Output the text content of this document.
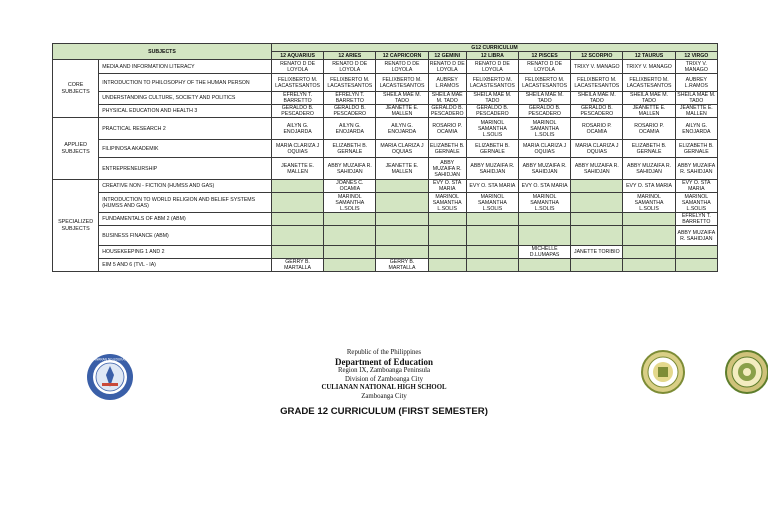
SUBJECTS		G12 CURRICULUM								
		12 AQUARIUS	12 ARIES	12 CAPRICORN	12 GEMINI	12 LIBRA	12 PISCES	12 SCORPIO	12 TAURUS	12 VIRGO
CORE SUBJECTS	MEDIA AND INFORMATION LITERACY	RENATO D DE LOYOLA	RENATO D DE LOYOLA	RENATO D DE LOYOLA	RENATO D DE LOYOLA	RENATO D DE LOYOLA	RENATO D DE LOYOLA	TRIXY V. MANAGO	TRIXY V. MANAGO	TRIXY V. MANAGO
	INTRODUCTION TO PHILOSOPHY OF THE HUMAN PERSON	FELIXBERTO M. LACASTESANTOS	FELIXBERTO M. LACASTESANTOS	FELIXBERTO M. LACASTESANTOS	AUBREY L.RAMOS	FELIXBERTO M. LACASTESANTOS	FELIXBERTO M. LACASTESANTOS	FELIXBERTO M. LACASTESANTOS	FELIXBERTO M. LACASTESANTOS	AUBREY L.RAMOS
	UNDERSTANDING CULTURE, SOCIETY AND POLITICS	EFRELYN T. BARRETTO	EFRELYN T. BARRETTO	SHEILA MAE M. TADO	SHEILA MAE M. TADO	SHEILA MAE M. TADO	SHEILA MAE M. TADO	SHEILA MAE M. TADO	SHEILA MAE M. TADO	SHEILA MAE M. TADO
	PHYSICAL EDUCATION AND HEALTH 3	GERALDO B. PESCADERO	GERALDO B. PESCADERO	JEANETTE E. MALLEN	GERALDO B. PESCADERO	GERALDO B. PESCADERO	GERALDO B. PESCADERO	GERALDO B. PESCADERO	JEANETTE E. MALLEN	JEANETTE E. MALLEN
APPLIED SUBJECTS	PRACTICAL RESEARCH 2	AILYN G. ENOJARDA	AILYN G. ENOJARDA	AILYN G. ENOJARDA	ROSARIO P. OCAMIA	MARINOL SAMANTHA L.SOLIS	MARINOL SAMANTHA L.SOLIS	ROSARIO P. OCAMIA	ROSARIO P. OCAMIA	AILYN G. ENOJARDA
	FILIPINOSA AKADEMIK	MARIA CLARIZA J OQUIAS	ELIZABETH B. GERNALE	MARIA CLARIZA J OQUIAS	ELIZABETH B. GERNALE	ELIZABETH B. GERNALE	MARIA CLARIZA J OQUIAS	MARIA CLARIZA J OQUIAS	ELIZABETH B. GERNALE	ELIZABETH B. GERNALE
	ENTREPRENEURSHIP	JEANETTE E. MALLEN	ABBY MUZAIFA R. SAHIDJAN	JEANETTE E. MALLEN	ABBY MUZAIFA R. SAHIDJAN	ABBY MUZAIFA R. SAHIDJAN	ABBY MUZAIFA R. SAHIDJAN	ABBY MUZAIFA R. SAHIDJAN	ABBY MUZAIFA R. SAHIDJAN	ABBY MUZAIFA R. SAHIDJAN
SPECIALIZED SUBJECTS	CREATIVE NON - FICTION (HUMSS AND GAS)		JOANES C. OCAMIA		EVY O. STA MARIA	EVY O. STA MARIA	EVY O. STA MARIA		EVY O. STA MARIA	EVY O. STA MARIA
	INTRODUCTION TO WORLD RELIGION AND BELIEF SYSTEMS (HUMSS AND GAS)		MARINOL SAMANTHA L.SOLIS		MARINOL SAMANTHA L.SOLIS	MARINOL SAMANTHA L.SOLIS	MARINOL SAMANTHA L.SOLIS		MARINOL SAMANTHA L.SOLIS	MARINOL SAMANTHA L.SOLIS
	FUNDAMENTALS OF ABM 2 (ABM)									EFRELYN T. BARRETTO
	BUSINESS FINANCE (ABM)									ABBY MUZAIFA R. SAHIDJAN
	HOUSEKEEPING 1 AND 2						MICHELLE D.LUMAPAS	JANETTE TORIBIO		
	EIM 5 AND 6 (TVL - IA)	GERRY B. MARTALLA		GERRY B. MARTALLA						
KAGAWARAN NG EDUKASYON
Republic of the Philippines
Department of Education
Region IX, Zamboanga Peninsula
Division of Zamboanga City
CULIANAN NATIONAL HIGH SCHOOL
Zamboanga City
GRADE 12 CURRICULUM (FIRST SEMESTER)
